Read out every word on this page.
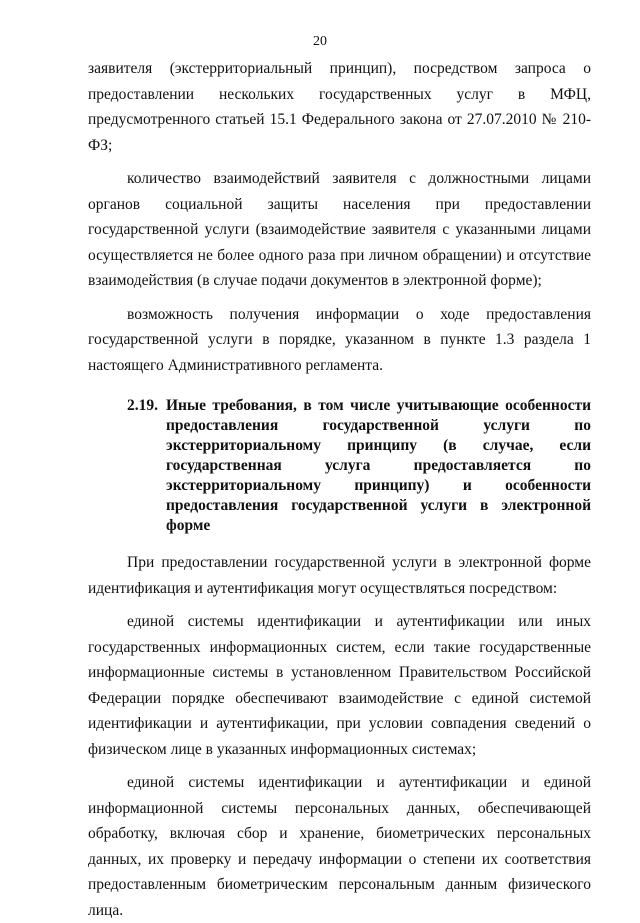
20

заявителя (экстерриториальный принцип), посредством запроса о предоставлении нескольких государственных услуг в МФЦ, предусмотренного статьей 15.1 Федерального закона от 27.07.2010 № 210-ФЗ;

количество взаимодействий заявителя с должностными лицами органов социальной защиты населения при предоставлении государственной услуги (взаимодействие заявителя с указанными лицами осуществляется не более одного раза при личном обращении) и отсутствие взаимодействия (в случае подачи документов в электронной форме);

возможность получения информации о ходе предоставления государственной услуги в порядке, указанном в пункте 1.3 раздела 1 настоящего Административного регламента.

2.19. Иные требования, в том числе учитывающие особенности предоставления государственной услуги по экстерриториальному принципу (в случае, если государственная услуга предоставляется по экстерриториальному принципу) и особенности предоставления государственной услуги в электронной форме

При предоставлении государственной услуги в электронной форме идентификация и аутентификация могут осуществляться посредством:

единой системы идентификации и аутентификации или иных государственных информационных систем, если такие государственные информационные системы в установленном Правительством Российской Федерации порядке обеспечивают взаимодействие с единой системой идентификации и аутентификации, при условии совпадения сведений о физическом лице в указанных информационных системах;

единой системы идентификации и аутентификации и единой информационной системы персональных данных, обеспечивающей обработку, включая сбор и хранение, биометрических персональных данных, их проверку и передачу информации о степени их соответствия предоставленным биометрическим персональным данным физического лица.
